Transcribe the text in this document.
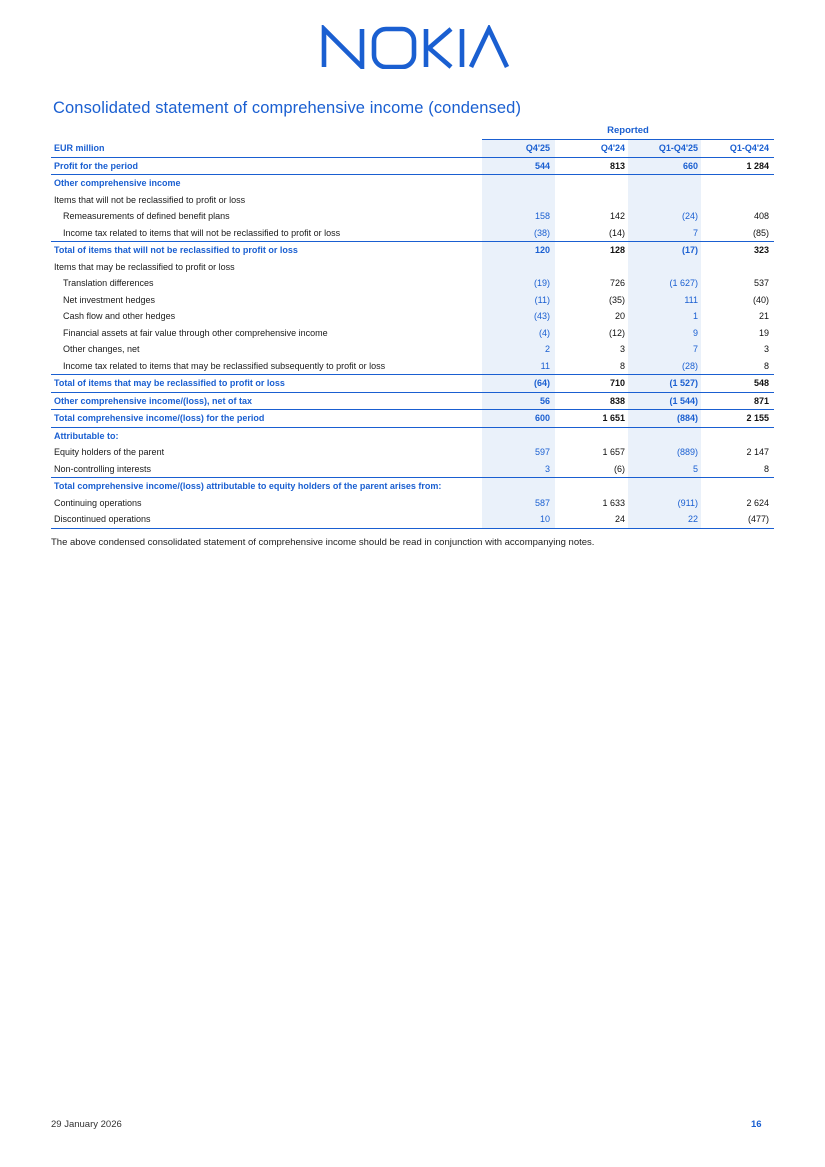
Consolidated statement of comprehensive income (condensed)
Reported
EUR million	Q4'25	Q4'24	Q1-Q4'25	Q1-Q4'24
Profit for the period	544	813	660	1 284
Other comprehensive income
Items that will not be reclassified to profit or loss
Remeasurements of defined benefit plans	158	142	(24)	408
Income tax related to items that will not be reclassified to profit or loss	(38)	(14)	7	(85)
Total of items that will not be reclassified to profit or loss	120	128	(17)	323
Items that may be reclassified to profit or loss
Translation differences	(19)	726	(1 627)	537
Net investment hedges	(11)	(35)	111	(40)
Cash flow and other hedges	(43)	20	1	21
Financial assets at fair value through other comprehensive income	(4)	(12)	9	19
Other changes, net	2	3	7	3
Income tax related to items that may be reclassified subsequently to profit or loss	11	8	(28)	8
Total of items that may be reclassified to profit or loss	(64)	710	(1 527)	548
Other comprehensive income/(loss), net of tax	56	838	(1 544)	871
Total comprehensive income/(loss) for the period	600	1 651	(884)	2 155
Attributable to:
Equity holders of the parent	597	1 657	(889)	2 147
Non-controlling interests	3	(6)	5	8
Total comprehensive income/(loss) attributable to equity holders of the parent arises from:
Continuing operations	587	1 633	(911)	2 624
Discontinued operations	10	24	22	(477)
The above condensed consolidated statement of comprehensive income should be read in conjunction with accompanying notes.
29 January 2026	16
